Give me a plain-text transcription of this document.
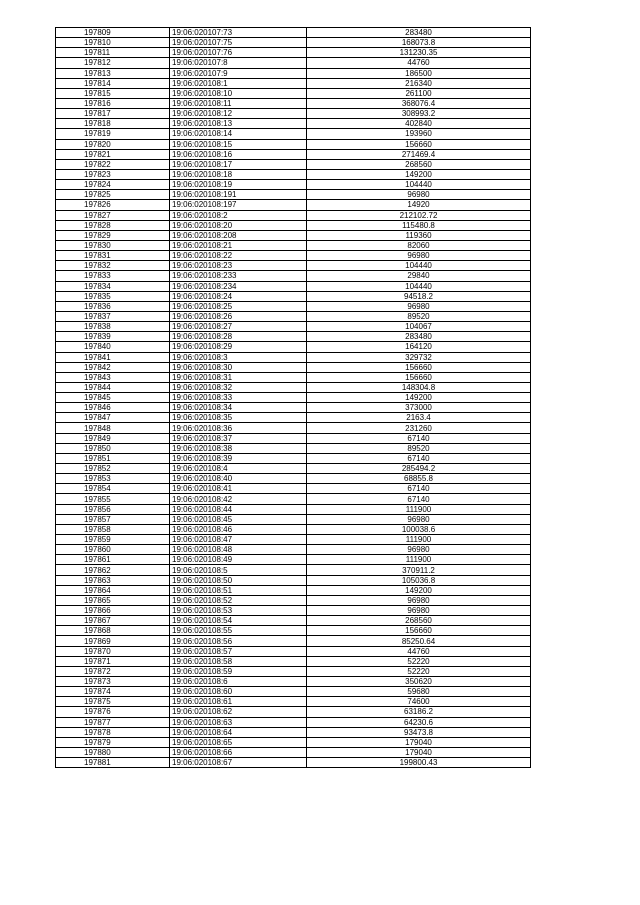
197809	19:06:020107:73	283480
197810	19:06:020107:75	168073.8
197811	19:06:020107:76	131230.35
197812	19:06:020107:8	44760
197813	19:06:020107:9	186500
197814	19:06:020108:1	216340
197815	19:06:020108:10	261100
197816	19:06:020108:11	368076.4
197817	19:06:020108:12	308993.2
197818	19:06:020108:13	402840
197819	19:06:020108:14	193960
197820	19:06:020108:15	156660
197821	19:06:020108:16	271469.4
197822	19:06:020108:17	268560
197823	19:06:020108:18	149200
197824	19:06:020108:19	104440
197825	19:06:020108:191	96980
197826	19:06:020108:197	14920
197827	19:06:020108:2	212102.72
197828	19:06:020108:20	115480.8
197829	19:06:020108:208	119360
197830	19:06:020108:21	82060
197831	19:06:020108:22	96980
197832	19:06:020108:23	104440
197833	19:06:020108:233	29840
197834	19:06:020108:234	104440
197835	19:06:020108:24	94518.2
197836	19:06:020108:25	96980
197837	19:06:020108:26	89520
197838	19:06:020108:27	104067
197839	19:06:020108:28	283480
197840	19:06:020108:29	164120
197841	19:06:020108:3	329732
197842	19:06:020108:30	156660
197843	19:06:020108:31	156660
197844	19:06:020108:32	148304.8
197845	19:06:020108:33	149200
197846	19:06:020108:34	373000
197847	19:06:020108:35	2163.4
197848	19:06:020108:36	231260
197849	19:06:020108:37	67140
197850	19:06:020108:38	89520
197851	19:06:020108:39	67140
197852	19:06:020108:4	285494.2
197853	19:06:020108:40	68855.8
197854	19:06:020108:41	67140
197855	19:06:020108:42	67140
197856	19:06:020108:44	111900
197857	19:06:020108:45	96980
197858	19:06:020108:46	100038.6
197859	19:06:020108:47	111900
197860	19:06:020108:48	96980
197861	19:06:020108:49	111900
197862	19:06:020108:5	370911.2
197863	19:06:020108:50	105036.8
197864	19:06:020108:51	149200
197865	19:06:020108:52	96980
197866	19:06:020108:53	96980
197867	19:06:020108:54	268560
197868	19:06:020108:55	156660
197869	19:06:020108:56	85250.64
197870	19:06:020108:57	44760
197871	19:06:020108:58	52220
197872	19:06:020108:59	52220
197873	19:06:020108:6	350620
197874	19:06:020108:60	59680
197875	19:06:020108:61	74600
197876	19:06:020108:62	63186.2
197877	19:06:020108:63	64230.6
197878	19:06:020108:64	93473.8
197879	19:06:020108:65	179040
197880	19:06:020108:66	179040
197881	19:06:020108:67	199800.43
